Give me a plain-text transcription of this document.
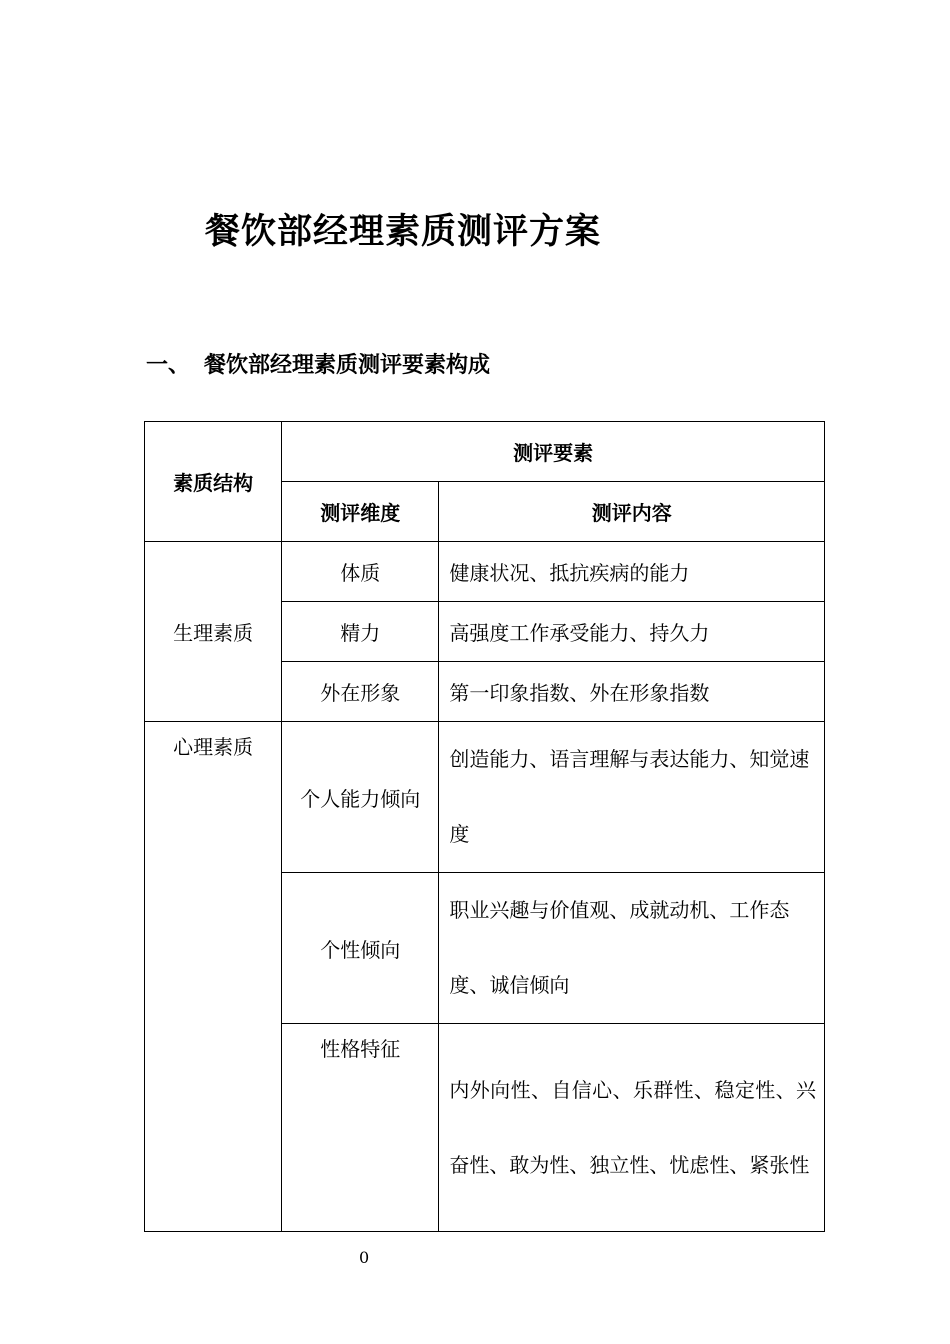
餐饮部经理素质测评方案
一、 餐饮部经理素质测评要素构成
素质结构	测评要素	
	测评维度	测评内容
生理素质	体质	健康状况、抵抗疾病的能力
	精力	高强度工作承受能力、持久力
	外在形象	第一印象指数、外在形象指数
心理素质	个人能力倾向	创造能力、语言理解与表达能力、知觉速度
	个性倾向	职业兴趣与价值观、成就动机、工作态度、诚信倾向
	性格特征	内外向性、自信心、乐群性、稳定性、兴奋性、敢为性、独立性、忧虑性、紧张性
0
